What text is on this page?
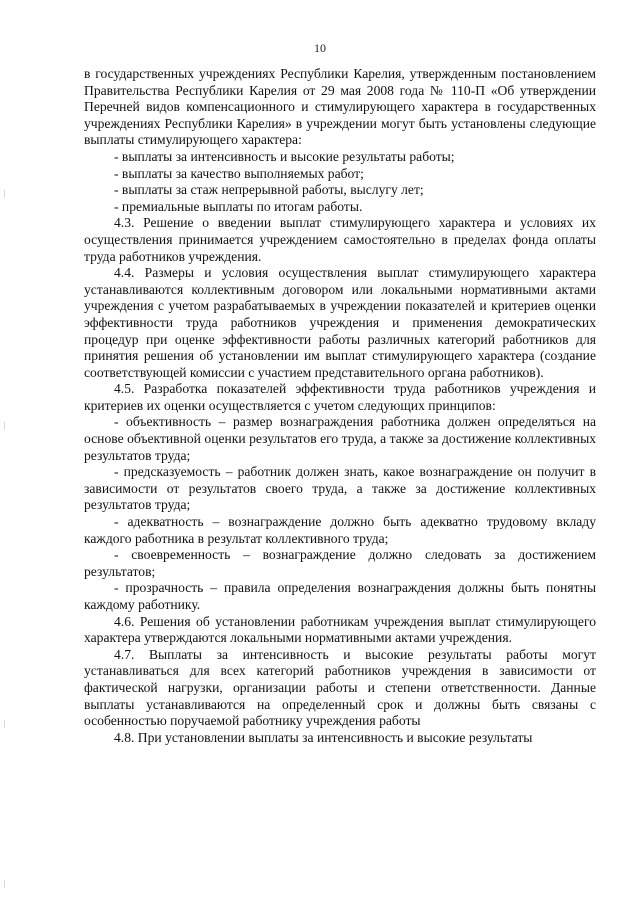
10

в государственных учреждениях Республики Карелия, утвержденным постановлением Правительства Республики Карелия от 29 мая 2008 года № 110-П «Об утверждении Перечней видов компенсационного и стимулирующего характера в государственных учреждениях Республики Карелия» в учреждении могут быть установлены следующие выплаты стимулирующего характера:

- выплаты за интенсивность и высокие результаты работы;

- выплаты за качество выполняемых работ;

- выплаты за стаж непрерывной работы, выслугу лет;

- премиальные выплаты по итогам работы.

4.3. Решение о введении выплат стимулирующего характера и условиях их осуществления принимается учреждением самостоятельно в пределах фонда оплаты труда работников учреждения.

4.4. Размеры и условия осуществления выплат стимулирующего характера устанавливаются коллективным договором или локальными нормативными актами учреждения с учетом разрабатываемых в учреждении показателей и критериев оценки эффективности труда работников учреждения и применения демократических процедур при оценке эффективности работы различных категорий работников для принятия решения об установлении им выплат стимулирующего характера (создание соответствующей комиссии с участием представительного органа работников).

4.5. Разработка показателей эффективности труда работников учреждения и критериев их оценки осуществляется с учетом следующих принципов:

- объективность – размер вознаграждения работника должен определяться на основе объективной оценки результатов его труда, а также за достижение коллективных результатов труда;

- предсказуемость – работник должен знать, какое вознаграждение он получит в зависимости от результатов своего труда, а также за достижение коллективных результатов труда;

- адекватность – вознаграждение должно быть адекватно трудовому вкладу каждого работника в результат коллективного труда;

- своевременность – вознаграждение должно следовать за достижением результатов;

- прозрачность – правила определения вознаграждения должны быть понятны каждому работнику.

4.6. Решения об установлении работникам учреждения выплат стимулирующего характера утверждаются локальными нормативными актами учреждения.

4.7. Выплаты за интенсивность и высокие результаты работы могут устанавливаться для всех категорий работников учреждения в зависимости от фактической нагрузки, организации работы и степени ответственности. Данные выплаты устанавливаются на определенный срок и должны быть связаны с особенностью поручаемой работнику учреждения работы

4.8. При установлении выплаты за интенсивность и высокие результаты
